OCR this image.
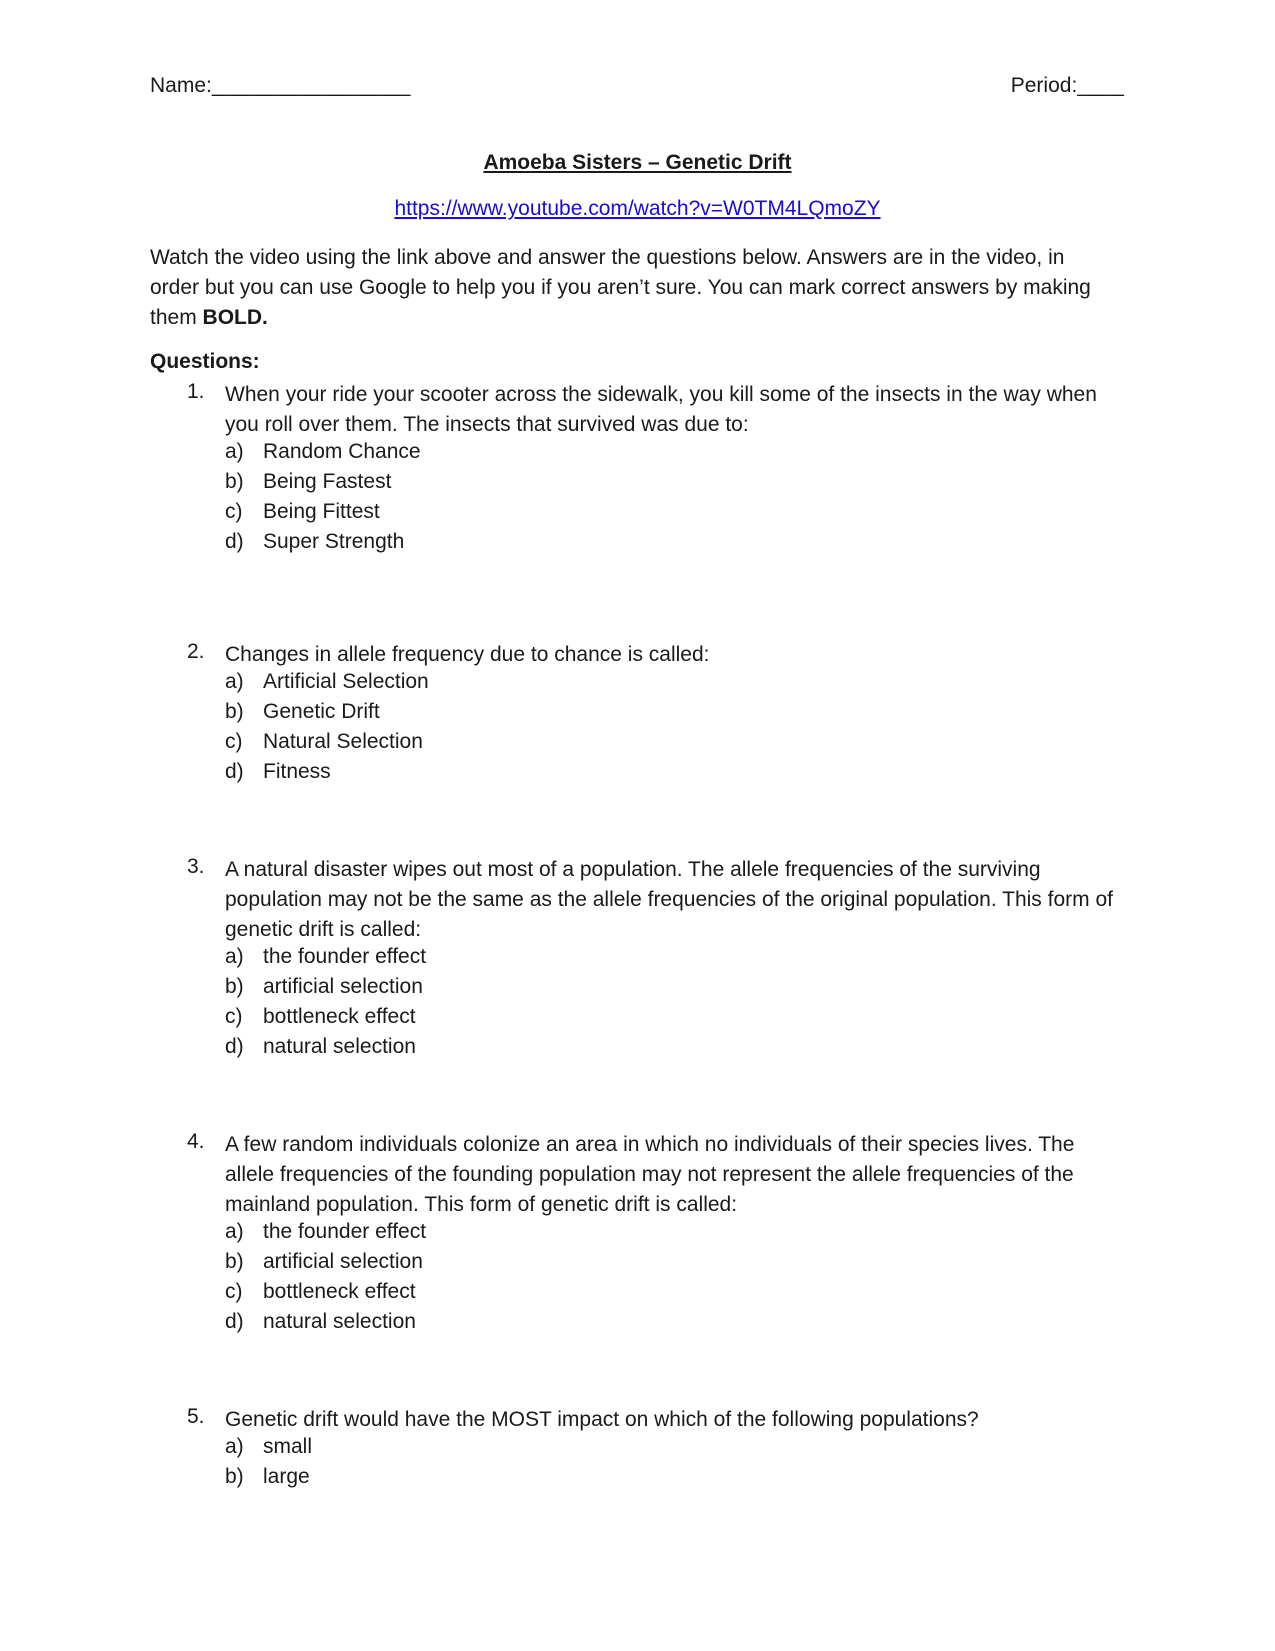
Name:_________________	Period:____
Amoeba Sisters – Genetic Drift
https://www.youtube.com/watch?v=W0TM4LQmoZY
Watch the video using the link above and answer the questions below. Answers are in the video, in order but you can use Google to help you if you aren’t sure. You can mark correct answers by making them BOLD.
Questions:
1. When your ride your scooter across the sidewalk, you kill some of the insects in the way when you roll over them. The insects that survived was due to:
a) Random Chance
b) Being Fastest
c) Being Fittest
d) Super Strength
2. Changes in allele frequency due to chance is called:
a) Artificial Selection
b) Genetic Drift
c) Natural Selection
d) Fitness
3. A natural disaster wipes out most of a population. The allele frequencies of the surviving population may not be the same as the allele frequencies of the original population. This form of genetic drift is called:
a) the founder effect
b) artificial selection
c) bottleneck effect
d) natural selection
4. A few random individuals colonize an area in which no individuals of their species lives. The allele frequencies of the founding population may not represent the allele frequencies of the mainland population. This form of genetic drift is called:
a) the founder effect
b) artificial selection
c) bottleneck effect
d) natural selection
5. Genetic drift would have the MOST impact on which of the following populations?
a) small
b) large
